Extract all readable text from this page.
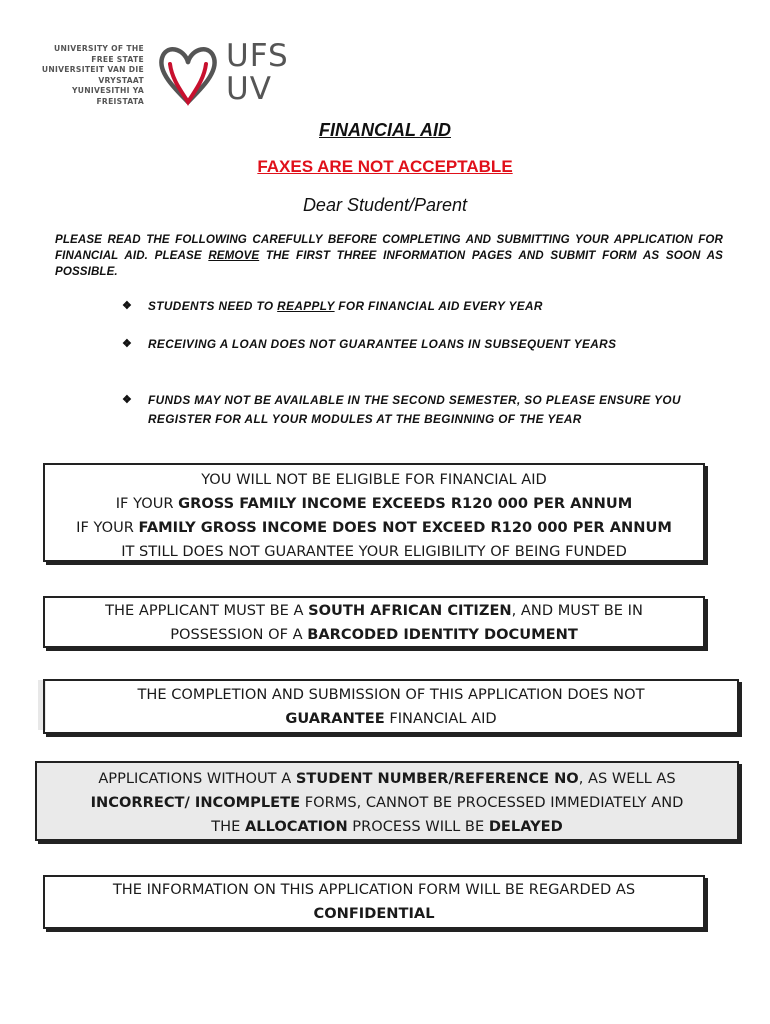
UNIVERSITY OF THE
FREE STATE
UNIVERSITEIT VAN DIE
VRYSTAAT
YUNIVESITHI YA
FREISTATA
UFS
UV
FINANCIAL AID
FAXES ARE NOT ACCEPTABLE
Dear Student/Parent
PLEASE READ THE FOLLOWING CAREFULLY BEFORE COMPLETING AND SUBMITTING YOUR APPLICATION FOR FINANCIAL AID. PLEASE REMOVE THE FIRST THREE INFORMATION PAGES AND SUBMIT FORM AS SOON AS POSSIBLE.
❖ STUDENTS NEED TO REAPPLY FOR FINANCIAL AID EVERY YEAR
❖ RECEIVING A LOAN DOES NOT GUARANTEE LOANS IN SUBSEQUENT YEARS
❖ FUNDS MAY NOT BE AVAILABLE IN THE SECOND SEMESTER, SO PLEASE ENSURE YOU REGISTER FOR ALL YOUR MODULES AT THE BEGINNING OF THE YEAR
YOU WILL NOT BE ELIGIBLE FOR FINANCIAL AID
IF YOUR GROSS FAMILY INCOME EXCEEDS R120 000 PER ANNUM
IF YOUR FAMILY GROSS INCOME DOES NOT EXCEED R120 000 PER ANNUM
IT STILL DOES NOT GUARANTEE YOUR ELIGIBILITY OF BEING FUNDED
THE APPLICANT MUST BE A SOUTH AFRICAN CITIZEN, AND MUST BE IN
POSSESSION OF A BARCODED IDENTITY DOCUMENT
THE COMPLETION AND SUBMISSION OF THIS APPLICATION DOES NOT
GUARANTEE FINANCIAL AID
APPLICATIONS WITHOUT A STUDENT NUMBER/REFERENCE NO, AS WELL AS
INCORRECT/ INCOMPLETE FORMS, CANNOT BE PROCESSED IMMEDIATELY AND
THE ALLOCATION PROCESS WILL BE DELAYED
THE INFORMATION ON THIS APPLICATION FORM WILL BE REGARDED AS
CONFIDENTIAL
